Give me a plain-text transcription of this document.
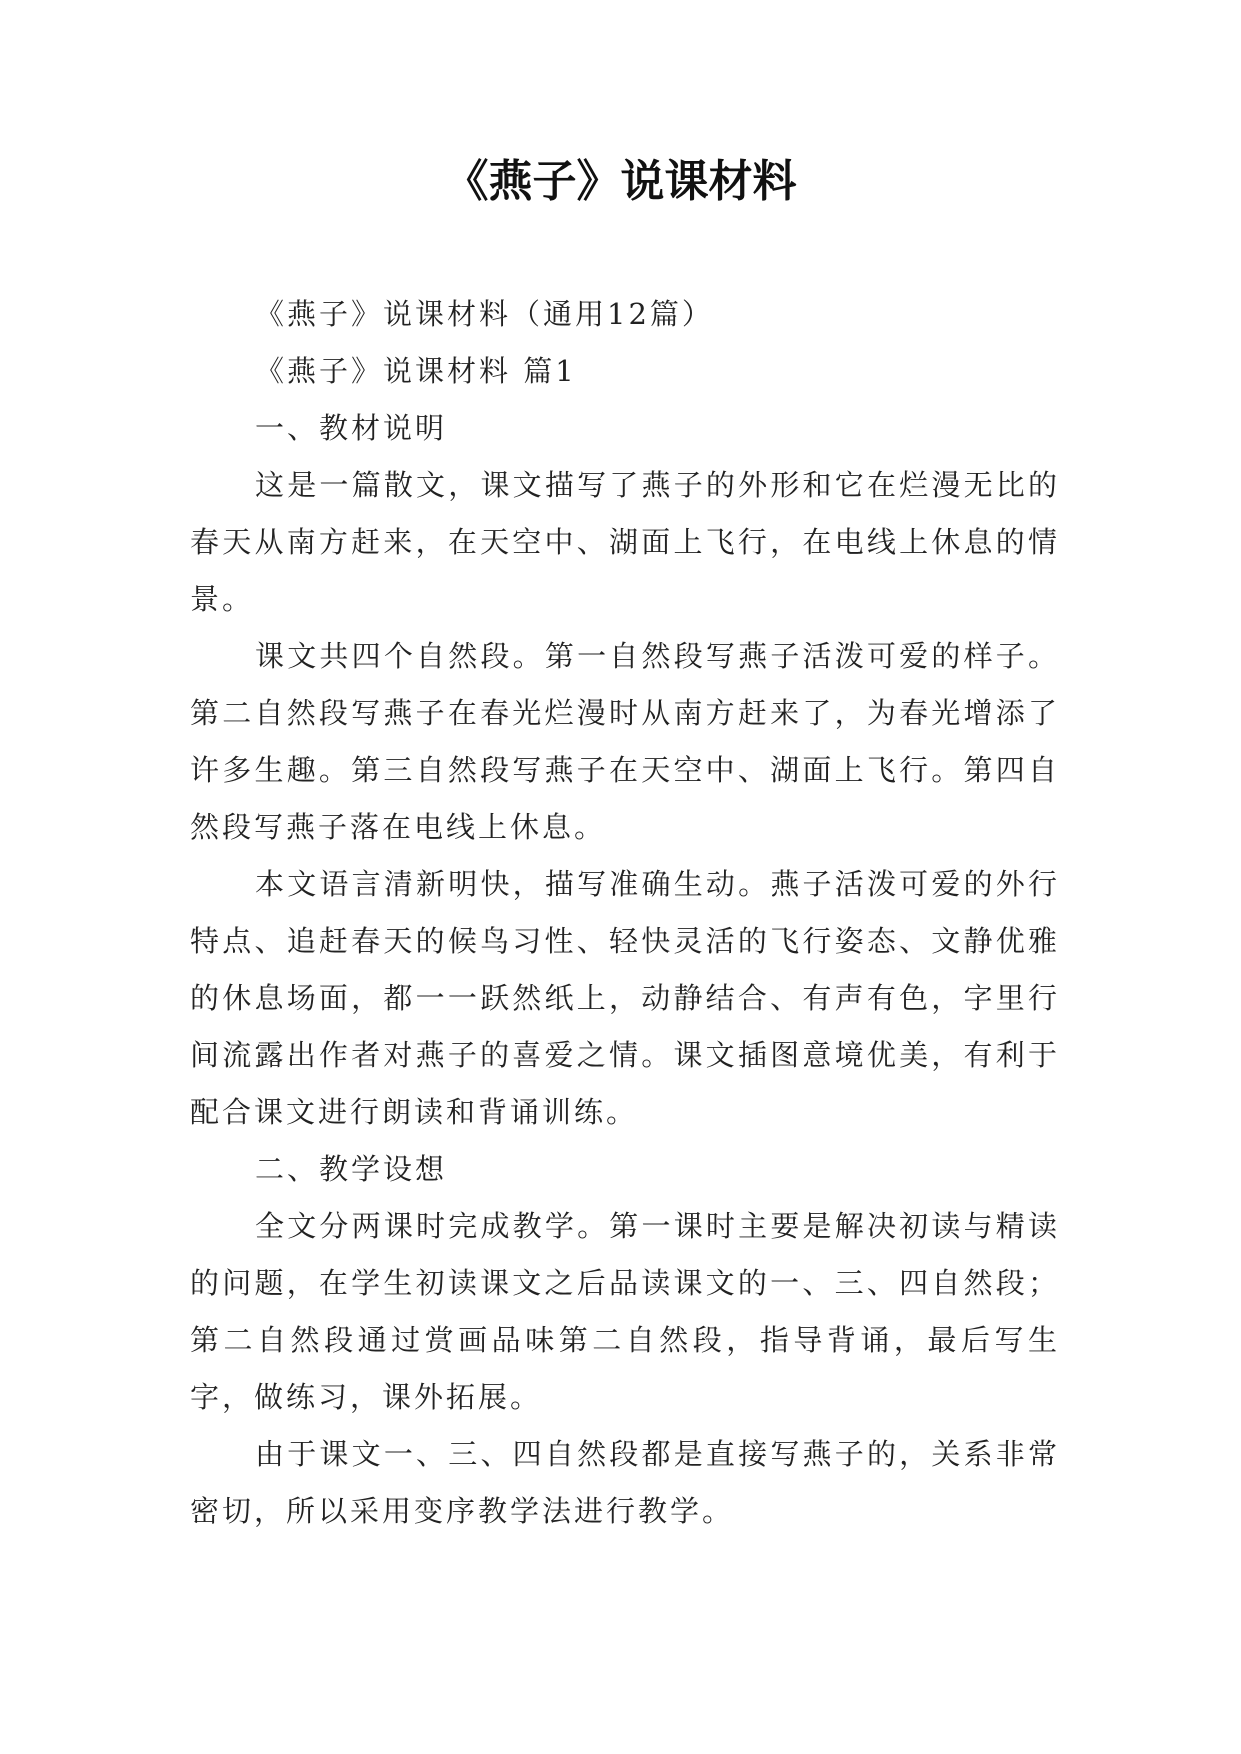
《燕子》说课材料

《燕子》说课材料（通用12篇）

《燕子》说课材料 篇1

一、教材说明

这是一篇散文，课文描写了燕子的外形和它在烂漫无比的春天从南方赶来，在天空中、湖面上飞行，在电线上休息的情景。

课文共四个自然段。第一自然段写燕子活泼可爱的样子。第二自然段写燕子在春光烂漫时从南方赶来了，为春光增添了许多生趣。第三自然段写燕子在天空中、湖面上飞行。第四自然段写燕子落在电线上休息。

本文语言清新明快，描写准确生动。燕子活泼可爱的外行特点、追赶春天的候鸟习性、轻快灵活的飞行姿态、文静优雅的休息场面，都一一跃然纸上，动静结合、有声有色，字里行间流露出作者对燕子的喜爱之情。课文插图意境优美，有利于配合课文进行朗读和背诵训练。

二、教学设想

全文分两课时完成教学。第一课时主要是解决初读与精读的问题，在学生初读课文之后品读课文的一、三、四自然段；第二自然段通过赏画品味第二自然段，指导背诵，最后写生字，做练习，课外拓展。

由于课文一、三、四自然段都是直接写燕子的，关系非常密切，所以采用变序教学法进行教学。
